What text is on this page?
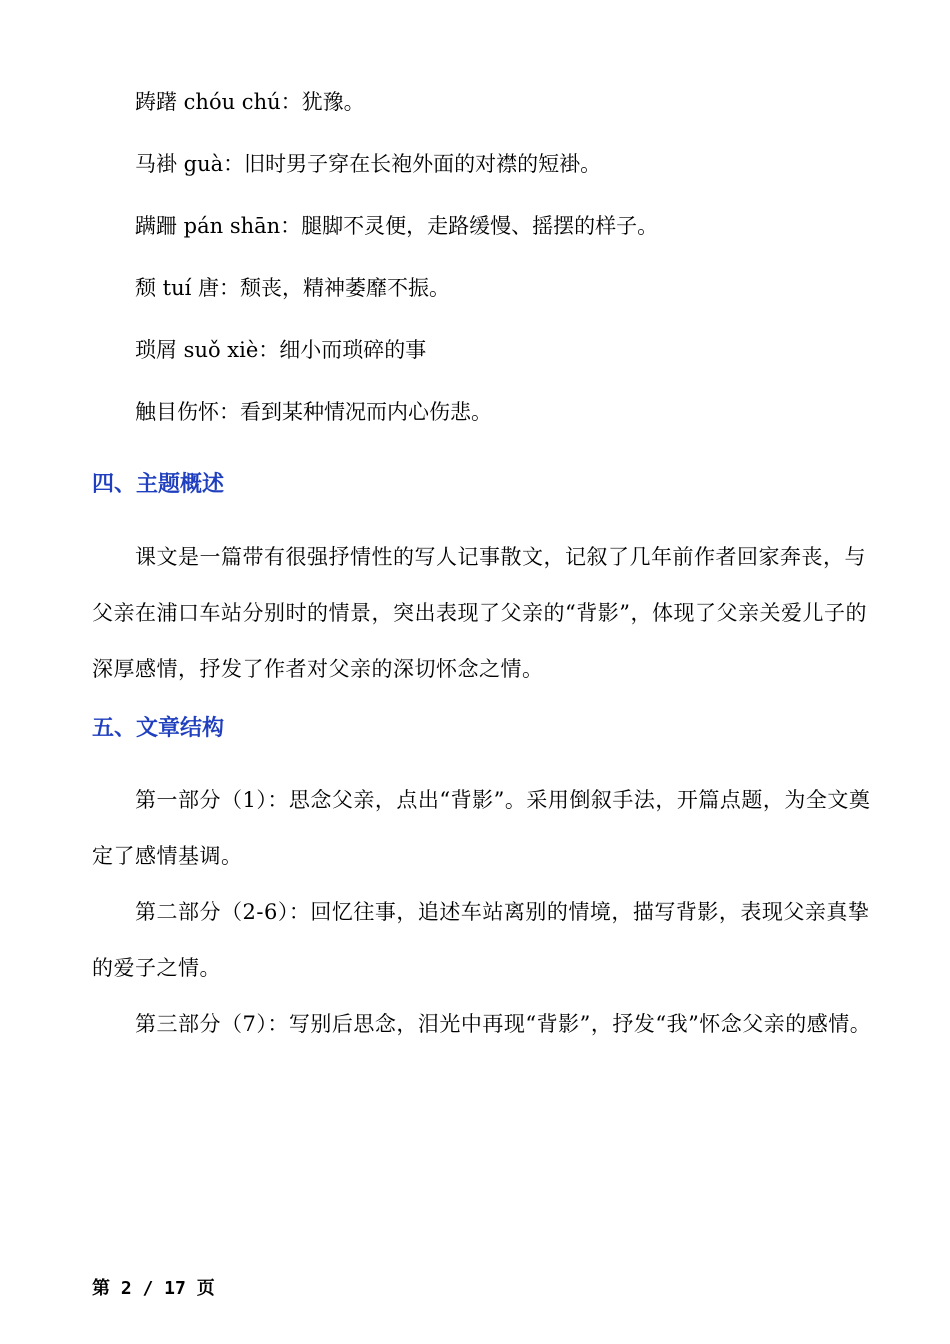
踌躇 chóu chú：犹豫。
马褂 guà：旧时男子穿在长袍外面的对襟的短褂。
蹒跚 pán shān：腿脚不灵便，走路缓慢、摇摆的样子。
颓 tuí 唐：颓丧，精神萎靡不振。
琐屑 suǒ xiè：细小而琐碎的事
触目伤怀：看到某种情况而内心伤悲。
四、主题概述
课文是一篇带有很强抒情性的写人记事散文，记叙了几年前作者回家奔丧，与父亲在浦口车站分别时的情景，突出表现了父亲的“背影”，体现了父亲关爱儿子的深厚感情，抒发了作者对父亲的深切怀念之情。
五、文章结构
第一部分（1）：思念父亲，点出“背影”。采用倒叙手法，开篇点题，为全文奠定了感情基调。
第二部分（2-6）：回忆往事，追述车站离别的情境，描写背影，表现父亲真挚的爱子之情。
第三部分（7）：写别后思念，泪光中再现“背影”，抒发“我”怀念父亲的感情。
第 2 / 17 页
